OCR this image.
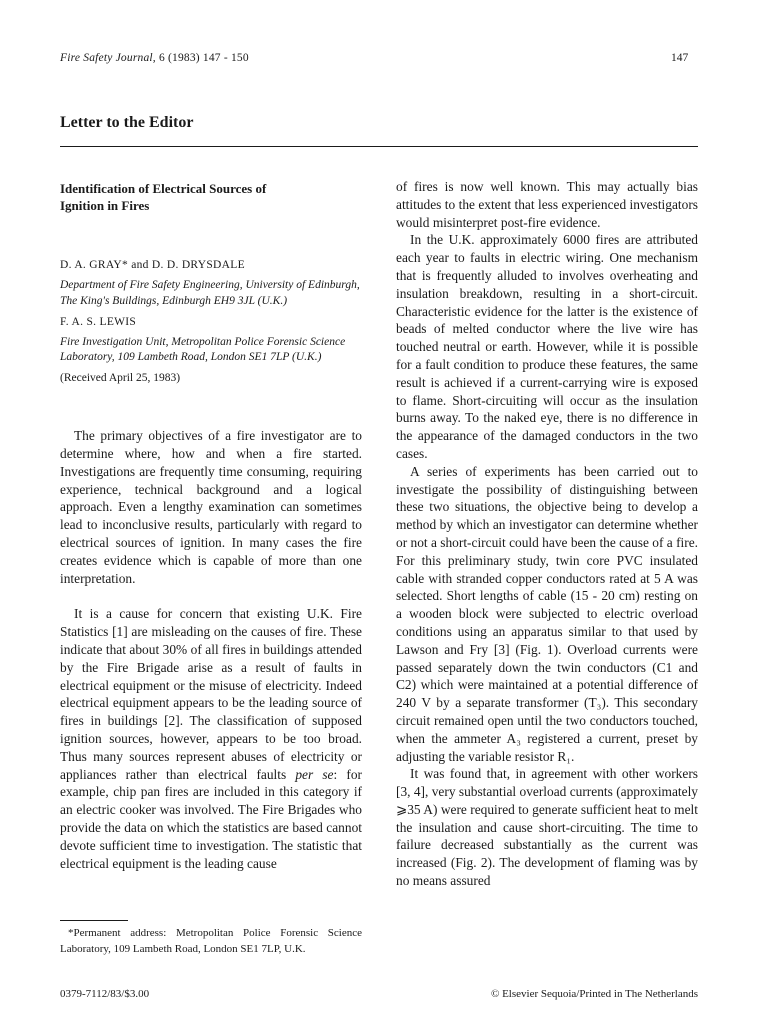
Fire Safety Journal, 6 (1983) 147 - 150	147
Letter to the Editor
Identification of Electrical Sources of
Ignition in Fires
D. A. GRAY* and D. D. DRYSDALE
Department of Fire Safety Engineering, University of Edinburgh, The King's Buildings, Edinburgh EH9 3JL (U.K.)
F. A. S. LEWIS
Fire Investigation Unit, Metropolitan Police Forensic Science Laboratory, 109 Lambeth Road, London SE1 7LP (U.K.)
(Received April 25, 1983)

The primary objectives of a fire investigator are to determine where, how and when a fire started. Investigations are frequently time consuming, requiring experience, technical background and a logical approach. Even a lengthy examination can sometimes lead to inconclusive results, particularly with regard to electrical sources of ignition. In many cases the fire creates evidence which is capable of more than one interpretation.

It is a cause for concern that existing U.K. Fire Statistics [1] are misleading on the causes of fire. These indicate that about 30% of all fires in buildings attended by the Fire Brigade arise as a result of faults in electrical equipment or the misuse of electricity. Indeed electrical equipment appears to be the leading source of fires in buildings [2]. The classification of supposed ignition sources, however, appears to be too broad. Thus many sources represent abuses of electricity or appliances rather than electrical faults per se: for example, chip pan fires are included in this category if an electric cooker was involved. The Fire Brigades who provide the data on which the statistics are based cannot devote sufficient time to investigation. The statistic that electrical equipment is the leading cause

of fires is now well known. This may actually bias attitudes to the extent that less experienced investigators would misinterpret post-fire evidence.

In the U.K. approximately 6000 fires are attributed each year to faults in electric wiring. One mechanism that is frequently alluded to involves overheating and insulation breakdown, resulting in a short-circuit. Characteristic evidence for the latter is the existence of beads of melted conductor where the live wire has touched neutral or earth. However, while it is possible for a fault condition to produce these features, the same result is achieved if a current-carrying wire is exposed to flame. Short-circuiting will occur as the insulation burns away. To the naked eye, there is no difference in the appearance of the damaged conductors in the two cases.

A series of experiments has been carried out to investigate the possibility of distinguishing between these two situations, the objective being to develop a method by which an investigator can determine whether or not a short-circuit could have been the cause of a fire. For this preliminary study, twin core PVC insulated cable with stranded copper conductors rated at 5 A was selected. Short lengths of cable (15 - 20 cm) resting on a wooden block were subjected to electric overload conditions using an apparatus similar to that used by Lawson and Fry [3] (Fig. 1). Overload currents were passed separately down the twin conductors (C1 and C2) which were maintained at a potential difference of 240 V by a separate transformer (T₃). This secondary circuit remained open until the two conductors touched, when the ammeter A₃ registered a current, preset by adjusting the variable resistor R₁.

It was found that, in agreement with other workers [3, 4], very substantial overload currents (approximately ⩾35 A) were required to generate sufficient heat to melt the insulation and cause short-circuiting. The time to failure decreased substantially as the current was increased (Fig. 2). The development of flaming was by no means assured

*Permanent address: Metropolitan Police Forensic Science Laboratory, 109 Lambeth Road, London SE1 7LP, U.K.
0379-7112/83/$3.00	© Elsevier Sequoia/Printed in The Netherlands
